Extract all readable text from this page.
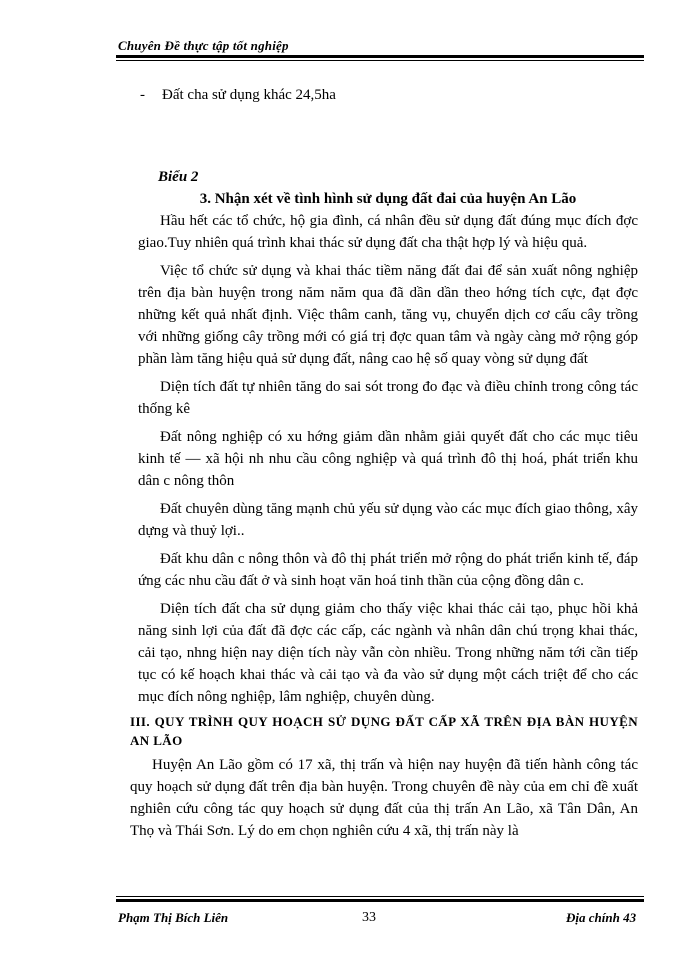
Chuyên Đề thực tập tốt nghiệp
-	Đất cha sử dụng khác 24,5ha

Biểu 2

3. Nhận xét về tình hình sử dụng đất đai của huyện An Lão

Hầu hết các tổ chức, hộ gia đình, cá nhân đều sử dụng đất đúng mục đích đợc giao.Tuy nhiên quá trình khai thác sử dụng đất cha thật hợp lý và hiệu quả.

Việc tổ chức sử dụng và khai thác tiềm năng đất đai để sản xuất nông nghiệp trên địa bàn huyện trong năm năm qua đã dần dần theo hớng tích cực, đạt đợc những kết quả nhất định. Việc thâm canh, tăng vụ, chuyển dịch cơ cấu cây trồng với những giống cây trồng mới có giá trị đợc quan tâm và ngày càng mở rộng góp phần làm tăng hiệu quả sử dụng đất, nâng cao hệ số quay vòng sử dụng đất

Diện tích đất tự nhiên tăng do sai sót trong đo đạc và điều chỉnh trong công tác thống kê

Đất nông nghiệp có xu hớng giảm dần nhằm giải quyết đất cho các mục tiêu kinh tế — xã hội nh nhu cầu công nghiệp và quá trình đô thị hoá, phát triển khu dân c nông thôn

Đất chuyên dùng tăng mạnh chủ yếu sử dụng vào các mục đích giao thông, xây dựng và thuỷ lợi..

Đất khu dân c nông thôn và đô thị phát triển mở rộng do phát triển kinh tế, đáp ứng các nhu cầu đất ở và sinh hoạt văn hoá tinh thần của cộng đồng dân c.

Diện tích đất cha sử dụng giảm cho thấy việc khai thác cải tạo, phục hồi khả năng sinh lợi của đất đã đợc các cấp, các ngành và nhân dân chú trọng khai thác, cải tạo, nhng hiện nay diện tích này vẫn còn nhiều. Trong những năm tới cần tiếp tục có kế hoạch khai thác và cải tạo và đa vào sử dụng một cách triệt để cho các mục đích nông nghiệp, lâm nghiệp, chuyên dùng.

III. QUY TRÌNH QUY HOẠCH SỬ DỤNG ĐẤT CẤP XÃ TRÊN ĐỊA BÀN HUYỆN AN LÃO

Huyện An Lão gồm có 17 xã, thị trấn và hiện nay huyện đã tiến hành công tác quy hoạch sử dụng đất trên địa bàn huyện. Trong chuyên đề này của em chỉ đề xuất nghiên cứu công tác quy hoạch sử dụng đất của thị trấn An Lão, xã Tân Dân, An Thọ và Thái Sơn. Lý do em chọn nghiên cứu 4 xã, thị trấn này là

Phạm Thị Bích Liên	33	Địa chính 43
